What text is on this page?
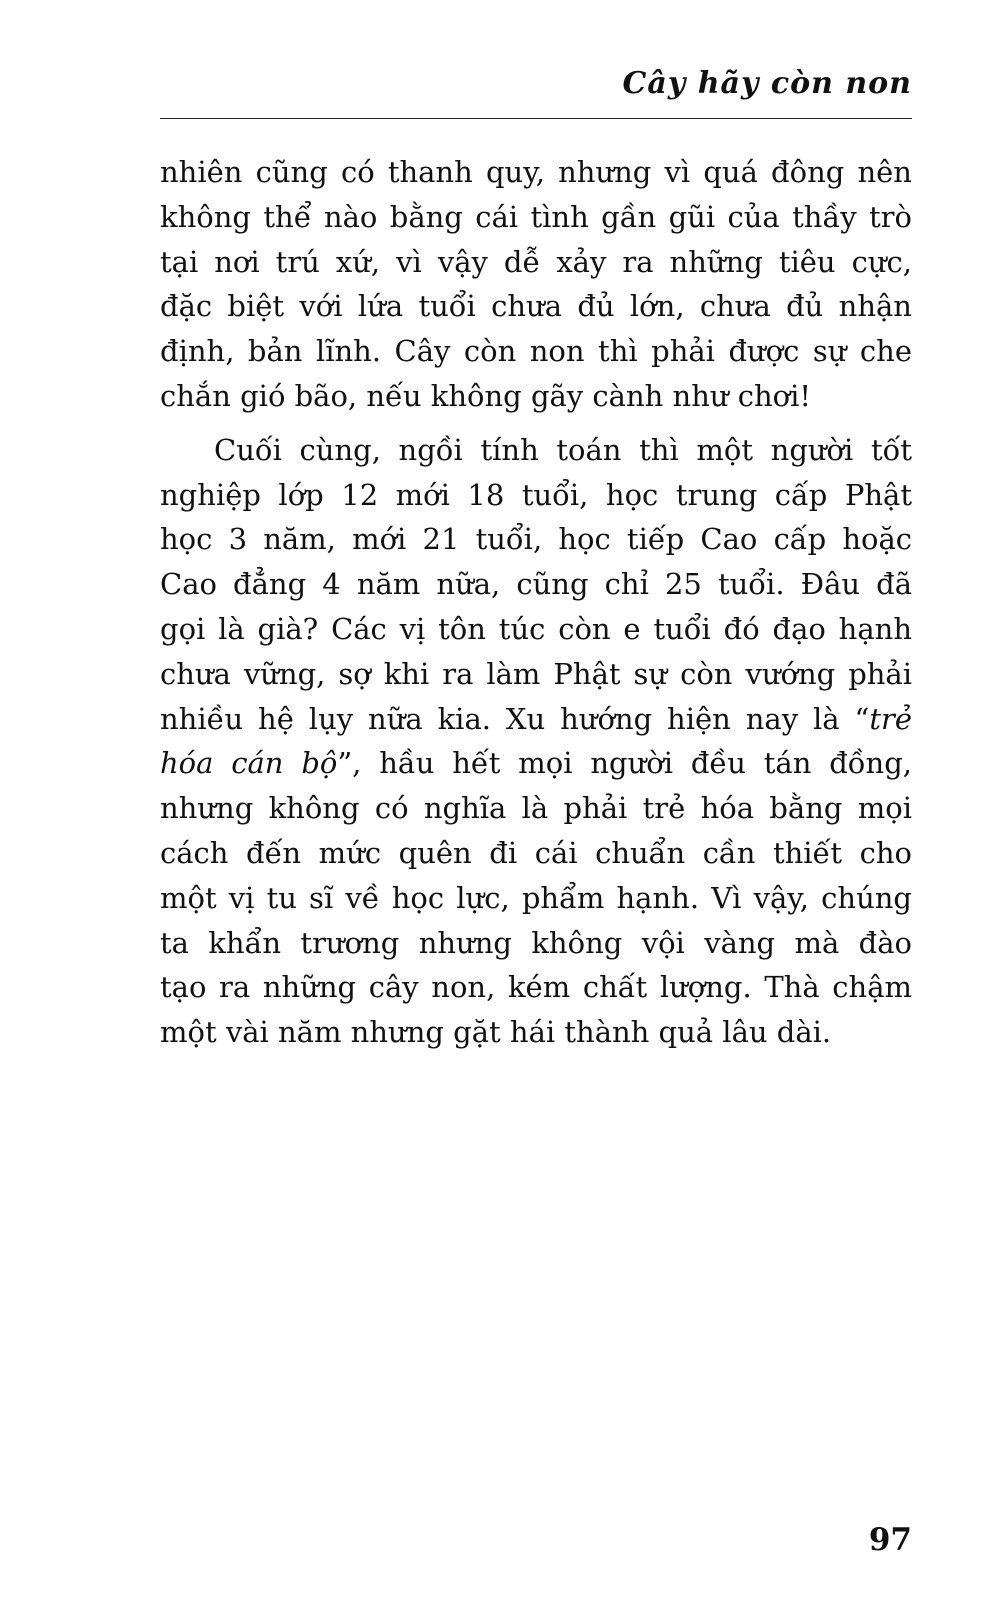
Cây hãy còn non
nhiên cũng có thanh quy, nhưng vì quá đông nên
không thể nào bằng cái tình gần gũi của thầy trò
tại nơi trú xứ, vì vậy dễ xảy ra những tiêu cực,
đặc biệt với lứa tuổi chưa đủ lớn, chưa đủ nhận
định, bản lĩnh. Cây còn non thì phải được sự che
chắn gió bão, nếu không gãy cành như chơi!
Cuối cùng, ngồi tính toán thì một người tốt
nghiệp lớp 12 mới 18 tuổi, học trung cấp Phật
học 3 năm, mới 21 tuổi, học tiếp Cao cấp hoặc
Cao đẳng 4 năm nữa, cũng chỉ 25 tuổi. Đâu đã
gọi là già? Các vị tôn túc còn e tuổi đó đạo hạnh
chưa vững, sợ khi ra làm Phật sự còn vướng phải
nhiều hệ lụy nữa kia. Xu hướng hiện nay là “trẻ
hóa cán bộ”, hầu hết mọi người đều tán đồng,
nhưng không có nghĩa là phải trẻ hóa bằng mọi
cách đến mức quên đi cái chuẩn cần thiết cho
một vị tu sĩ về học lực, phẩm hạnh. Vì vậy, chúng
ta khẩn trương nhưng không vội vàng mà đào
tạo ra những cây non, kém chất lượng. Thà chậm
một vài năm nhưng gặt hái thành quả lâu dài.
97
